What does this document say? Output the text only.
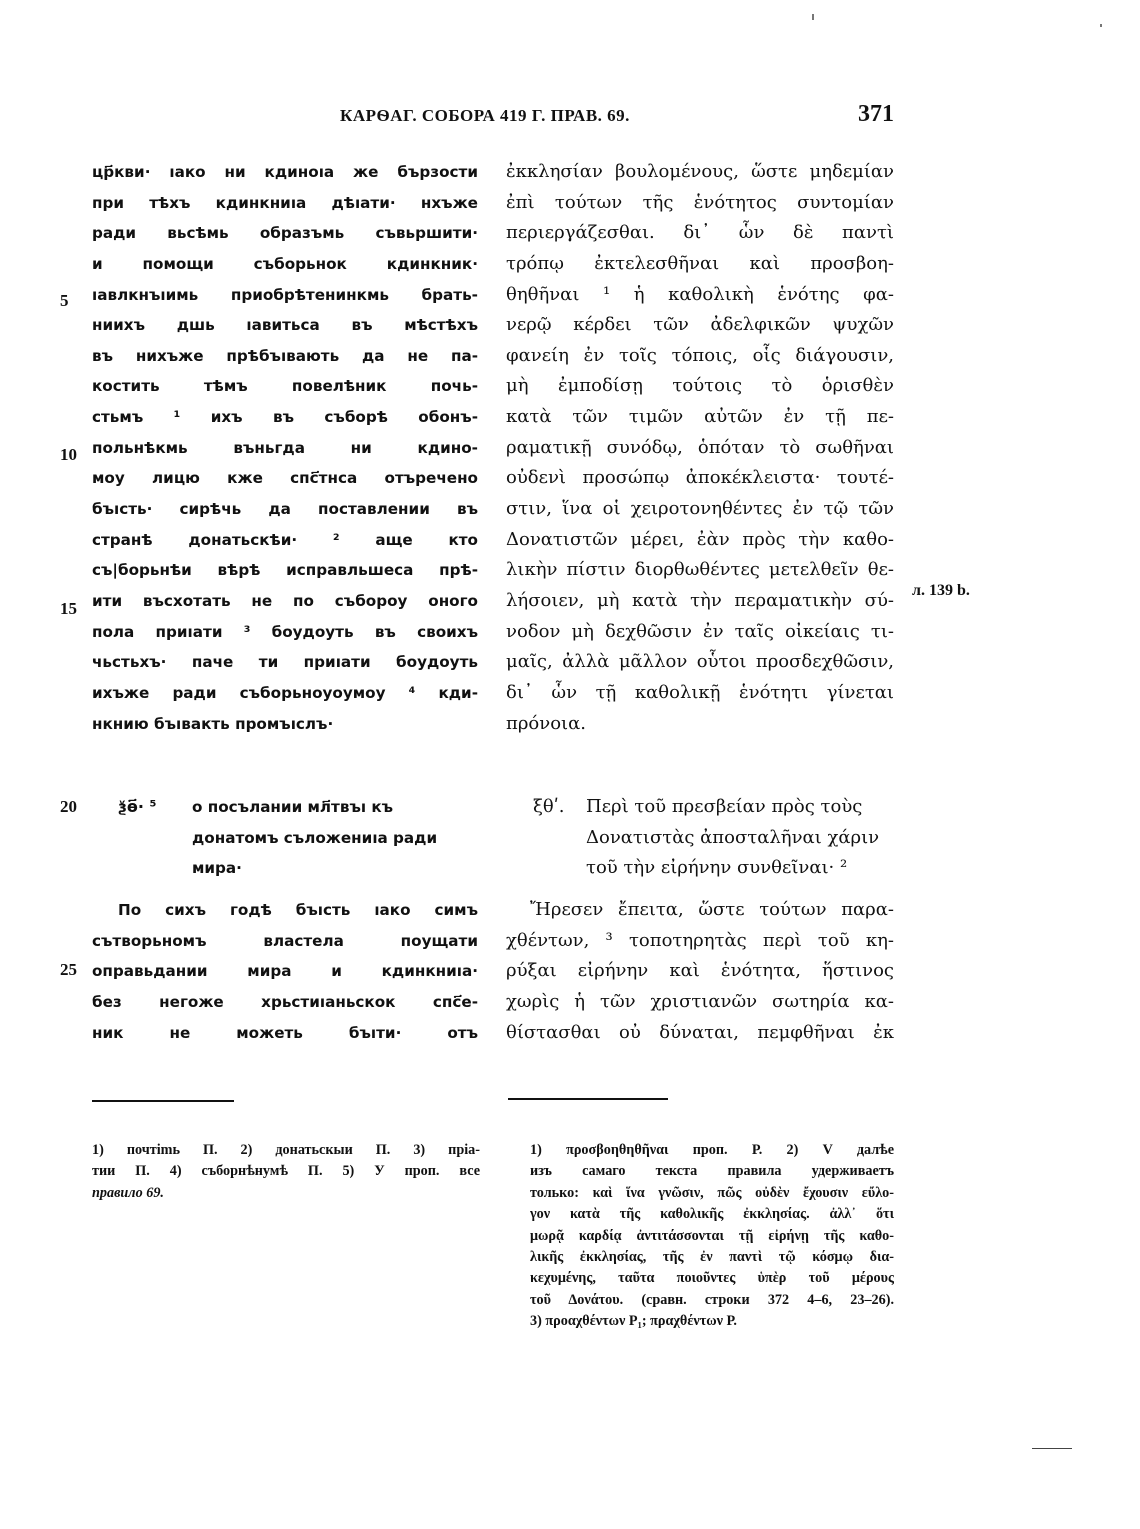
КАРѲАГ. СОБОРА 419 Г. ПРАВ. 69.	371
цр҃кви· ıако ни кдиноıа же бързости
при тѣхъ кдинкниıа дѣıати· нхъже
ради вьсѣмь образъмь съвьршити·
и помощи съборьнок кдинкник·
ıавлкнъıимь приобрѣтенинкмь брать-
ниихъ дшь ıавитьса въ мѣстѣхъ
въ нихъже прѣбъıвають да не па-
костить тѣмъ повелѣник почь-
стьмъ ¹ ихъ въ съборѣ обонъ-
польнѣкмь въньгда ни кдино-
моу лицю кже спс҃тнса отъречено
бъıсть· сирѣчь да поставлении въ
странѣ донатьскѣи· ² аще кто
съ|борьнѣи вѣрѣ исправльшеса прѣ-
ити въсхотать не по събороу оного
пола приıати ³ боудоуть въ своихъ
чьстьхъ· паче ти приıати боудоуть
ихъже ради съборьноуоумоу ⁴ кди-
нкнию бъıвакть промъıслъ·
ἐκκλησίαν βουλομένους, ὥστε μηδεμίαν
ἐπὶ τούτων τῆς ἑνότητος συντομίαν
περιεργάζεσθαι. δι᾽ ὧν δὲ παντὶ
τρόπῳ ἐκτελεσθῆναι καὶ προσβοη-
θηθῆναι ¹ ἡ καθολικὴ ἑνότης φα-
νερῷ κέρδει τῶν ἀδελφικῶν ψυχῶν
φανείη ἐν τοῖς τόποις, οἷς διάγουσιν,
μὴ ἐμποδίσῃ τούτοις τὸ ὁρισθὲν
κατὰ τῶν τιμῶν αὐτῶν ἐν τῇ πε-
ραματικῇ συνόδῳ, ὁπόταν τὸ σωθῆναι
οὐδενὶ προσώπῳ ἀποκέκλειστα· τουτέ-
στιν, ἵνα οἱ χειροτονηθέντες ἐν τῷ τῶν
Δονατιστῶν μέρει, ἐὰν πρὸς τὴν καθο-
λικὴν πίστιν διορθωθέντες μετελθεῖν θε-
λήσοιεν, μὴ κατὰ τὴν περαματικὴν σύ-
νοδον μὴ δεχθῶσιν ἐν ταῖς οἰκείαις τι-
μαῖς, ἀλλὰ μᾶλλον οὗτοι προσδεχθῶσιν,
δι᾽ ὧν τῇ καθολικῇ ἑνότητι γίνεται
πρόνοια.
5
10
15
20
25
л. 139 b.
ѯѳ҃· ⁵ о посълании мл҃твъı къ
донатомъ съложениıа ради
мира·
ξθʹ. Περὶ τοῦ πρεσβείαν πρὸς τοὺς
Δονατιστὰς ἀποσταλῆναι χάριν
τοῦ τὴν εἰρήνην συνθεῖναι· ²
По сихъ годѣ бъıсть ıако симъ
сътворьномъ властела поущати
оправьдании мира и кдинкниıа·
без негоже хрьстиıаньскок спс҃е-
ник не можеть бъıти· отъ
Ἤρεσεν ἔπειτα, ὥστε τούτων παρα-
χθέντων, ³ τοποτηρητὰς περὶ τοῦ κη-
ρύξαι εἰρήνην καὶ ἑνότητα, ἥστινος
χωρὶς ἡ τῶν χριστιανῶν σωτηρία κα-
θίστασθαι οὐ δύναται, πεμφθῆναι ἐκ
1) почтimь П. 2) донатьскыи П. 3) прiа-
тии П. 4) съборнѣнумѣ П. 5) У проп. все
правило 69.
1) προσβοηθηθῆναι проп. Р. 2) V далѣе
изъ самаго текста правила удерживаетъ
только: καὶ ἵνα γνῶσιν, πῶς οὐδὲν ἔχουσιν εὔλο-
γον κατὰ τῆς καθολικῆς ἐκκλησίας. ἀλλ᾽ ὅτι
μωρᾷ καρδίᾳ ἀντιτάσσονται τῇ εἰρήνῃ τῆς καθο-
λικῆς ἐκκλησίας, τῆς ἐν παντὶ τῷ κόσμῳ δια-
κεχυμένης, ταῦτα ποιοῦντες ὑπὲρ τοῦ μέρους
τοῦ Δονάτου. (сравн. строки 372 4–6, 23–26).
3) προαχθέντων Р₁; πραχθέντων Р.
